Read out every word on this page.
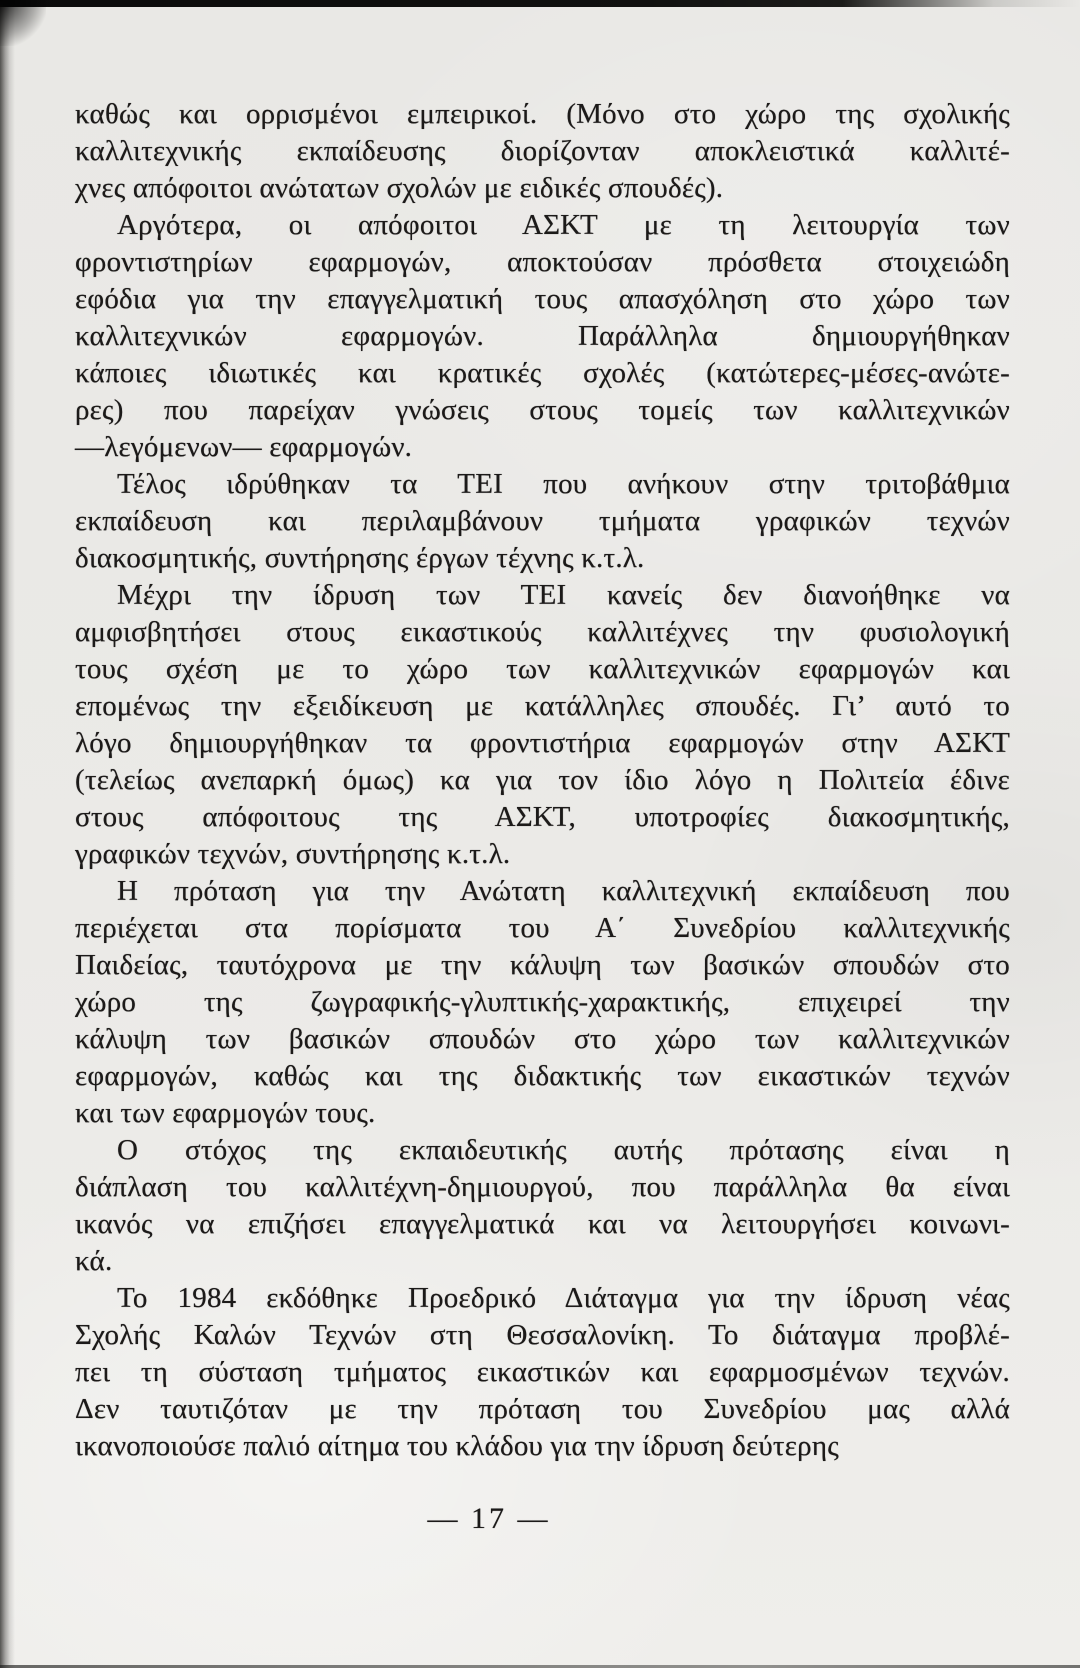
καθώς και ορρισμένοι εμπειρικοί. (Μόνο στο χώρο της σχολικής
καλλιτεχνικής εκπαίδευσης διορίζονταν αποκλειστικά καλλιτέ-
χνες απόφοιτοι ανώτατων σχολών με ειδικές σπουδές).
Αργότερα, οι απόφοιτοι ΑΣΚΤ με τη λειτουργία των
φροντιστηρίων εφαρμογών, αποκτούσαν πρόσθετα στοιχειώδη
εφόδια για την επαγγελματική τους απασχόληση στο χώρο των
καλλιτεχνικών εφαρμογών. Παράλληλα δημιουργήθηκαν
κάποιες ιδιωτικές και κρατικές σχολές (κατώτερες-μέσες-ανώτε-
ρες) που παρείχαν γνώσεις στους τομείς των καλλιτεχνικών
—λεγόμενων— εφαρμογών.
Τέλος ιδρύθηκαν τα ΤΕΙ που ανήκουν στην τριτοβάθμια
εκπαίδευση και περιλαμβάνουν τμήματα γραφικών τεχνών
διακοσμητικής, συντήρησης έργων τέχνης κ.τ.λ.
Μέχρι την ίδρυση των ΤΕΙ κανείς δεν διανοήθηκε να
αμφισβητήσει στους εικαστικούς καλλιτέχνες την φυσιολογική
τους σχέση με το χώρο των καλλιτεχνικών εφαρμογών και
επομένως την εξειδίκευση με κατάλληλες σπουδές. Γι’ αυτό το
λόγο δημιουργήθηκαν τα φροντιστήρια εφαρμογών στην ΑΣΚΤ
(τελείως ανεπαρκή όμως) κα για τον ίδιο λόγο η Πολιτεία έδινε
στους απόφοιτους της ΑΣΚΤ, υποτροφίες διακοσμητικής,
γραφικών τεχνών, συντήρησης κ.τ.λ.
Η πρόταση για την Ανώτατη καλλιτεχνική εκπαίδευση που
περιέχεται στα πορίσματα του Α΄ Συνεδρίου καλλιτεχνικής
Παιδείας, ταυτόχρονα με την κάλυψη των βασικών σπουδών στο
χώρο της ζωγραφικής-γλυπτικής-χαρακτικής, επιχειρεί την
κάλυψη των βασικών σπουδών στο χώρο των καλλιτεχνικών
εφαρμογών, καθώς και της διδακτικής των εικαστικών τεχνών
και των εφαρμογών τους.
Ο στόχος της εκπαιδευτικής αυτής πρότασης είναι η
διάπλαση του καλλιτέχνη-δημιουργού, που παράλληλα θα είναι
ικανός να επιζήσει επαγγελματικά και να λειτουργήσει κοινωνι-
κά.
Το 1984 εκδόθηκε Προεδρικό Διάταγμα για την ίδρυση νέας
Σχολής Καλών Τεχνών στη Θεσσαλονίκη. Το διάταγμα προβλέ-
πει τη σύσταση τμήματος εικαστικών και εφαρμοσμένων τεχνών.
Δεν ταυτιζόταν με την πρόταση του Συνεδρίου μας αλλά
ικανοποιούσε παλιό αίτημα του κλάδου για την ίδρυση δεύτερης
— 17 —
